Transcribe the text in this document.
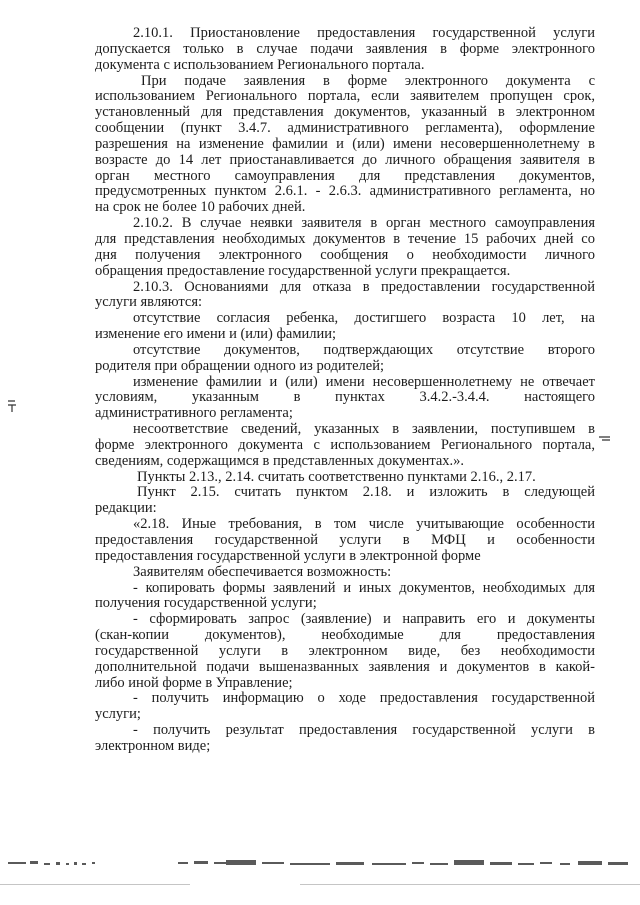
2.10.1. Приостановление предоставления государственной услуги
допускается только в случае подачи заявления в форме электронного
документа с использованием Регионального портала.
При подаче заявления в форме электронного документа с
использованием Регионального портала, если заявителем пропущен срок,
установленный для представления документов, указанный в электронном
сообщении (пункт 3.4.7. административного регламента), оформление
разрешения на изменение фамилии и (или) имени несовершеннолетнему в
возрасте до 14 лет приостанавливается до личного обращения заявителя в
орган местного самоуправления для представления документов,
предусмотренных пунктом 2.6.1. - 2.6.3. административного регламента, но
на срок не более 10 рабочих дней.
2.10.2. В случае неявки заявителя в орган местного самоуправления
для представления необходимых документов в течение 15 рабочих дней со
дня получения электронного сообщения о необходимости личного
обращения предоставление государственной услуги прекращается.
2.10.3. Основаниями для отказа в предоставлении государственной
услуги являются:
отсутствие согласия ребенка, достигшего возраста 10 лет, на
изменение его имени и (или) фамилии;
отсутствие документов, подтверждающих отсутствие второго
родителя при обращении одного из родителей;
изменение фамилии и (или) имени несовершеннолетнему не отвечает
условиям, указанным в пунктах 3.4.2.-3.4.4. настоящего
административного регламента;
несоответствие сведений, указанных в заявлении, поступившем в
форме электронного документа с использованием Регионального портала,
сведениям, содержащимся в представленных документах.».
Пункты 2.13., 2.14. считать соответственно пунктами 2.16., 2.17.
Пункт 2.15. считать пунктом 2.18. и изложить в следующей
редакции:
«2.18. Иные требования, в том числе учитывающие особенности
предоставления государственной услуги в МФЦ и особенности
предоставления государственной услуги в электронной форме
Заявителям обеспечивается возможность:
- копировать формы заявлений и иных документов, необходимых для
получения государственной услуги;
- сформировать запрос (заявление) и направить его и документы
(скан-копии документов), необходимые для предоставления
государственной услуги в электронном виде, без необходимости
дополнительной подачи вышеназванных заявления и документов в какой-
либо иной форме в Управление;
- получить информацию о ходе предоставления государственной
услуги;
- получить результат предоставления государственной услуги в
электронном виде;
